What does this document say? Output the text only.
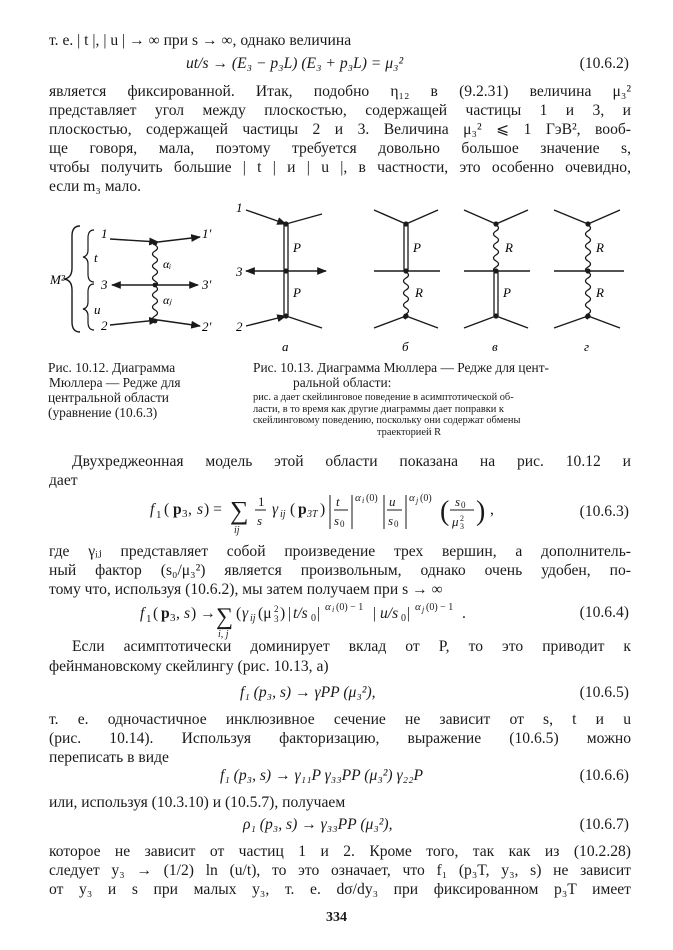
т. е. | t |, | u | → ∞ при s → ∞, однако величина
ut/s → (E₃ − p₃L) (E₃ + p₃L) = μ₃²	(10.6.2)
является фиксированной. Итак, подобно η₁₂ в (9.2.31) величина μ₃²
представляет угол между плоскостью, содержащей частицы 1 и 3, и
плоскостью, содержащей частицы 2 и 3. Величина μ₃² ⩽ 1 ГэВ², вооб-
ще говоря, мала, поэтому требуется довольно большое значение s,
чтобы получить большие | t | и | u |, в частности, это особенно очевидно,
если m₃ мало.
M²
t
u
1	1′
3	3′
2	2′
αᵢ
αⱼ
1
3
2
P
P
P
R
R
P
R
R
а	б	в	г
Рис. 10.12. Диаграмма
Мюллера — Редже для
центральной области
(уравнение (10.6.3)
Рис. 10.13. Диаграмма Мюллера — Редже для цент-
ральной области:
рис. а дает скейлинговое поведение в асимптотической об-
ласти, в то время как другие диаграммы дает поправки к
скейлинговому поведению, поскольку они содержат обмены
траекторией R
Двухреджеонная модель этой области показана на рис. 10.12 и
дает
f 1 ( p 3 , s ) = ∑
ij
1
s
γ ij ( p 3T ) t
s 0
α i (0) u
s 0
α j (0) ( s 0
μ 2
3 ) ,	(10.6.3)
где γᵢⱼ представляет собой произведение трех вершин, а дополнитель-
ный фактор (s₀/μ₃²) является произвольным, однако очень удобен, по-
тому что, используя (10.6.2), мы затем получаем при s → ∞
f 1 ( p 3 , s ) → ∑
i, j
( γ ij (μ 2
3 ) | t/s 0 | α i (0) − 1 | u/s 0 | α j (0) − 1 .	(10.6.4)
Если асимптотически доминирует вклад от P, то это приводит к
фейнмановскому скейлингу (рис. 10.13, а)
f₁ (p₃, s) → γPP (μ₃²),	(10.6.5)
т. е. одночастичное инклюзивное сечение не зависит от s, t и u
(рис. 10.14). Используя факторизацию, выражение (10.6.5) можно
переписать в виде
f₁ (p₃, s) → γ₁₁P γ₃₃PP (μ₃²) γ₂₂P	(10.6.6)
или, используя (10.3.10) и (10.5.7), получаем
ρ₁ (p₃, s) → γ₃₃PP (μ₃²),	(10.6.7)
которое не зависит от частиц 1 и 2. Кроме того, так как из (10.2.28)
следует y₃ → (1/2) ln (u/t), то это означает, что f₁ (p₃T, y₃, s) не зависит
от y₃ и s при малых y₃, т. е. dσ/dy₃ при фиксированном p₃T имеет
334
